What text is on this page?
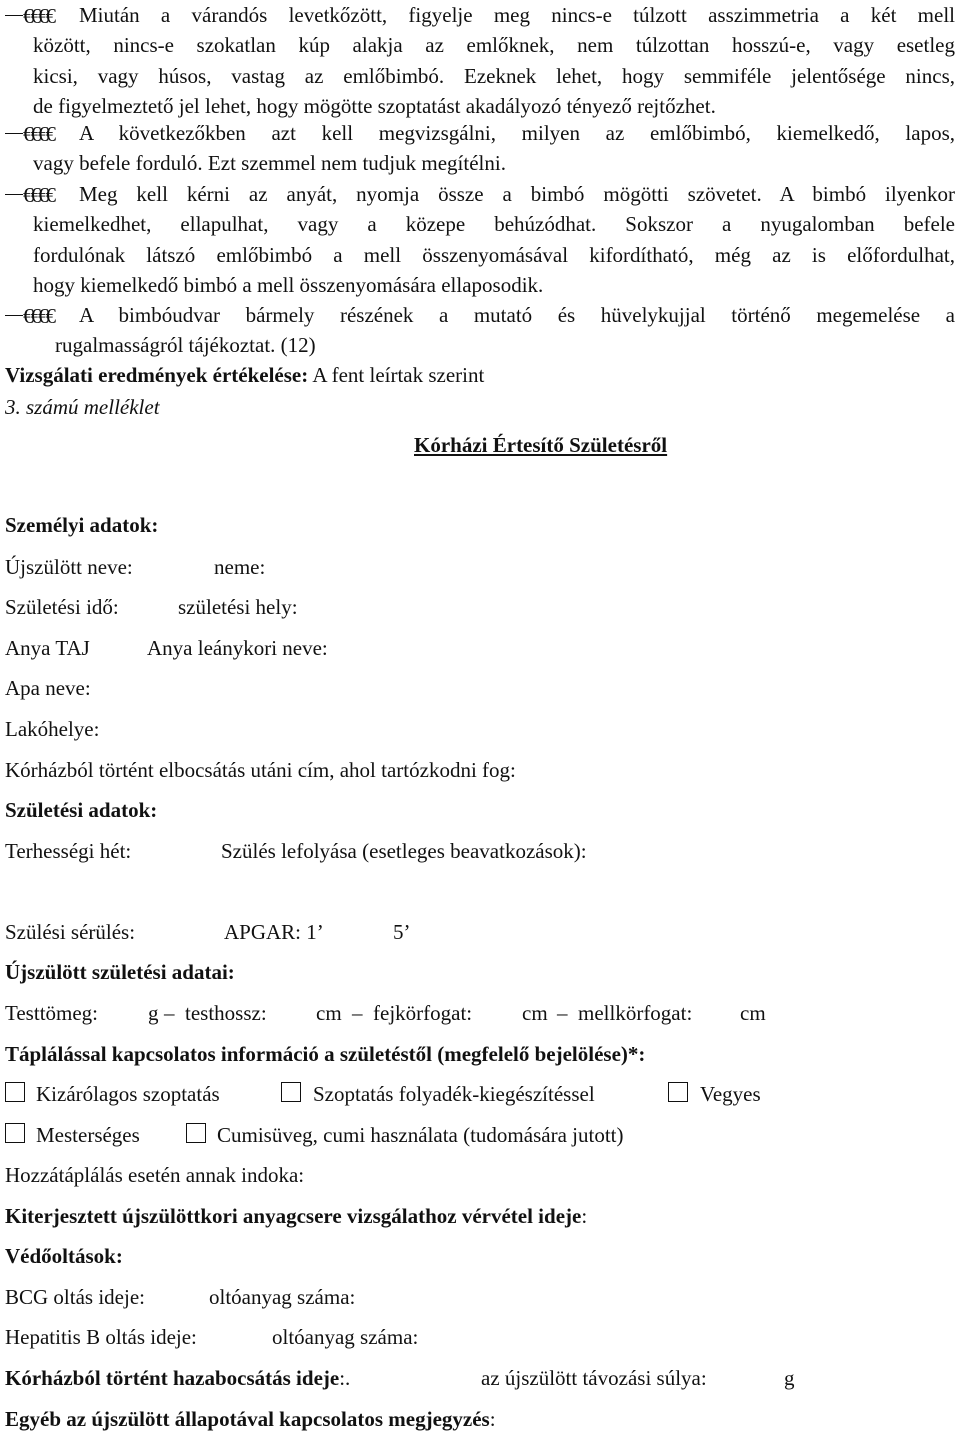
€€€€ Miután a várandós levetkőzött, figyelje meg nincs-e túlzott asszimmetria a két mell
között, nincs-e szokatlan kúp alakja az emlőknek, nem túlzottan hosszú-e, vagy esetleg
kicsi, vagy húsos, vastag az emlőbimbó. Ezeknek lehet, hogy semmiféle jelentősége nincs,
de figyelmeztető jel lehet, hogy mögötte szoptatást akadályozó tényező rejtőzhet.
€€€€ A következőkben azt kell megvizsgálni, milyen az emlőbimbó, kiemelkedő, lapos,
vagy befele forduló. Ezt szemmel nem tudjuk megítélni.
€€€€ Meg kell kérni az anyát, nyomja össze a bimbó mögötti szövetet. A bimbó ilyenkor
kiemelkedhet, ellapulhat, vagy a közepe behúzódhat. Sokszor a nyugalomban befele
fordulónak látszó emlőbimbó a mell összenyomásával kifordítható, még az is előfordulhat,
hogy kiemelkedő bimbó a mell összenyomására ellaposodik.
€€€€ A bimbóudvar bármely részének a mutató és hüvelykujjal történő megemelése a
rugalmasságról tájékoztat. (12)
Vizsgálati eredmények értékelése: A fent leírtak szerint
3. számú melléklet
Kórházi Értesítő Születésről
Személyi adatok:
Újszülött neve:	neme:
Születési idő:	születési hely:
Anya TAJ	Anya leánykori neve:
Apa neve:
Lakóhelye:
Kórházból történt elbocsátás utáni cím, ahol tartózkodni fog:
Születési adatok:
Terhességi hét:	Szülés lefolyása (esetleges beavatkozások):
Szülési sérülés:	APGAR: 1’	5’
Újszülött születési adatai:
Testtömeg: g – testhossz: cm – fejkörfogat: cm – mellkörfogat: cm
Táplálással kapcsolatos információ a születéstől (megfelelő bejelölése)*:
Kizárólagos szoptatás	Szoptatás folyadék-kiegészítéssel	Vegyes
Mesterséges	Cumisüveg, cumi használata (tudomására jutott)
Hozzátáplálás esetén annak indoka:
Kiterjesztett újszülöttkori anyagcsere vizsgálathoz vérvétel ideje:
Védőoltások:
BCG oltás ideje:	oltóanyag száma:
Hepatitis B oltás ideje:	oltóanyag száma:
Kórházból történt hazabocsátás ideje:.	az újszülött távozási súlya:	g
Egyéb az újszülött állapotával kapcsolatos megjegyzés:
